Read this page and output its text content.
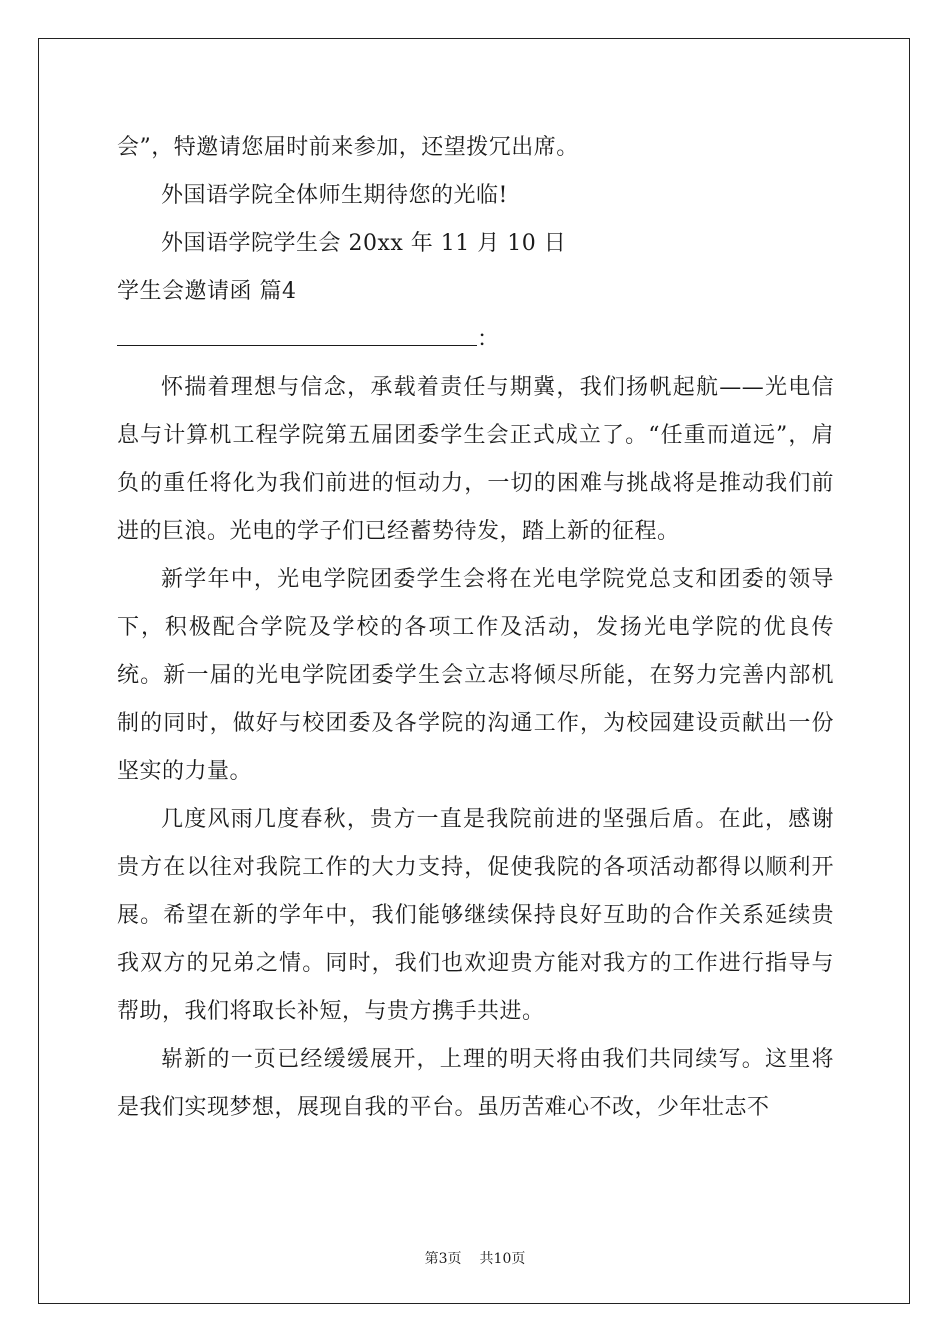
会”，特邀请您届时前来参加，还望拨冗出席。
外国语学院全体师生期待您的光临!
外国语学院学生会 20xx 年 11 月 10 日
学生会邀请函 篇4
：

怀揣着理想与信念，承载着责任与期冀，我们扬帆起航——光电信息与计算机工程学院第五届团委学生会正式成立了。“任重而道远”，肩负的重任将化为我们前进的恒动力，一切的困难与挑战将是推动我们前进的巨浪。光电的学子们已经蓄势待发，踏上新的征程。

新学年中，光电学院团委学生会将在光电学院党总支和团委的领导下，积极配合学院及学校的各项工作及活动，发扬光电学院的优良传统。新一届的光电学院团委学生会立志将倾尽所能，在努力完善内部机制的同时，做好与校团委及各学院的沟通工作，为校园建设贡献出一份坚实的力量。

几度风雨几度春秋，贵方一直是我院前进的坚强后盾。在此，感谢贵方在以往对我院工作的大力支持，促使我院的各项活动都得以顺利开展。希望在新的学年中，我们能够继续保持良好互助的合作关系延续贵我双方的兄弟之情。同时，我们也欢迎贵方能对我方的工作进行指导与帮助，我们将取长补短，与贵方携手共进。

崭新的一页已经缓缓展开，上理的明天将由我们共同续写。这里将是我们实现梦想，展现自我的平台。虽历苦难心不改，少年壮志不

第3页 共10页
